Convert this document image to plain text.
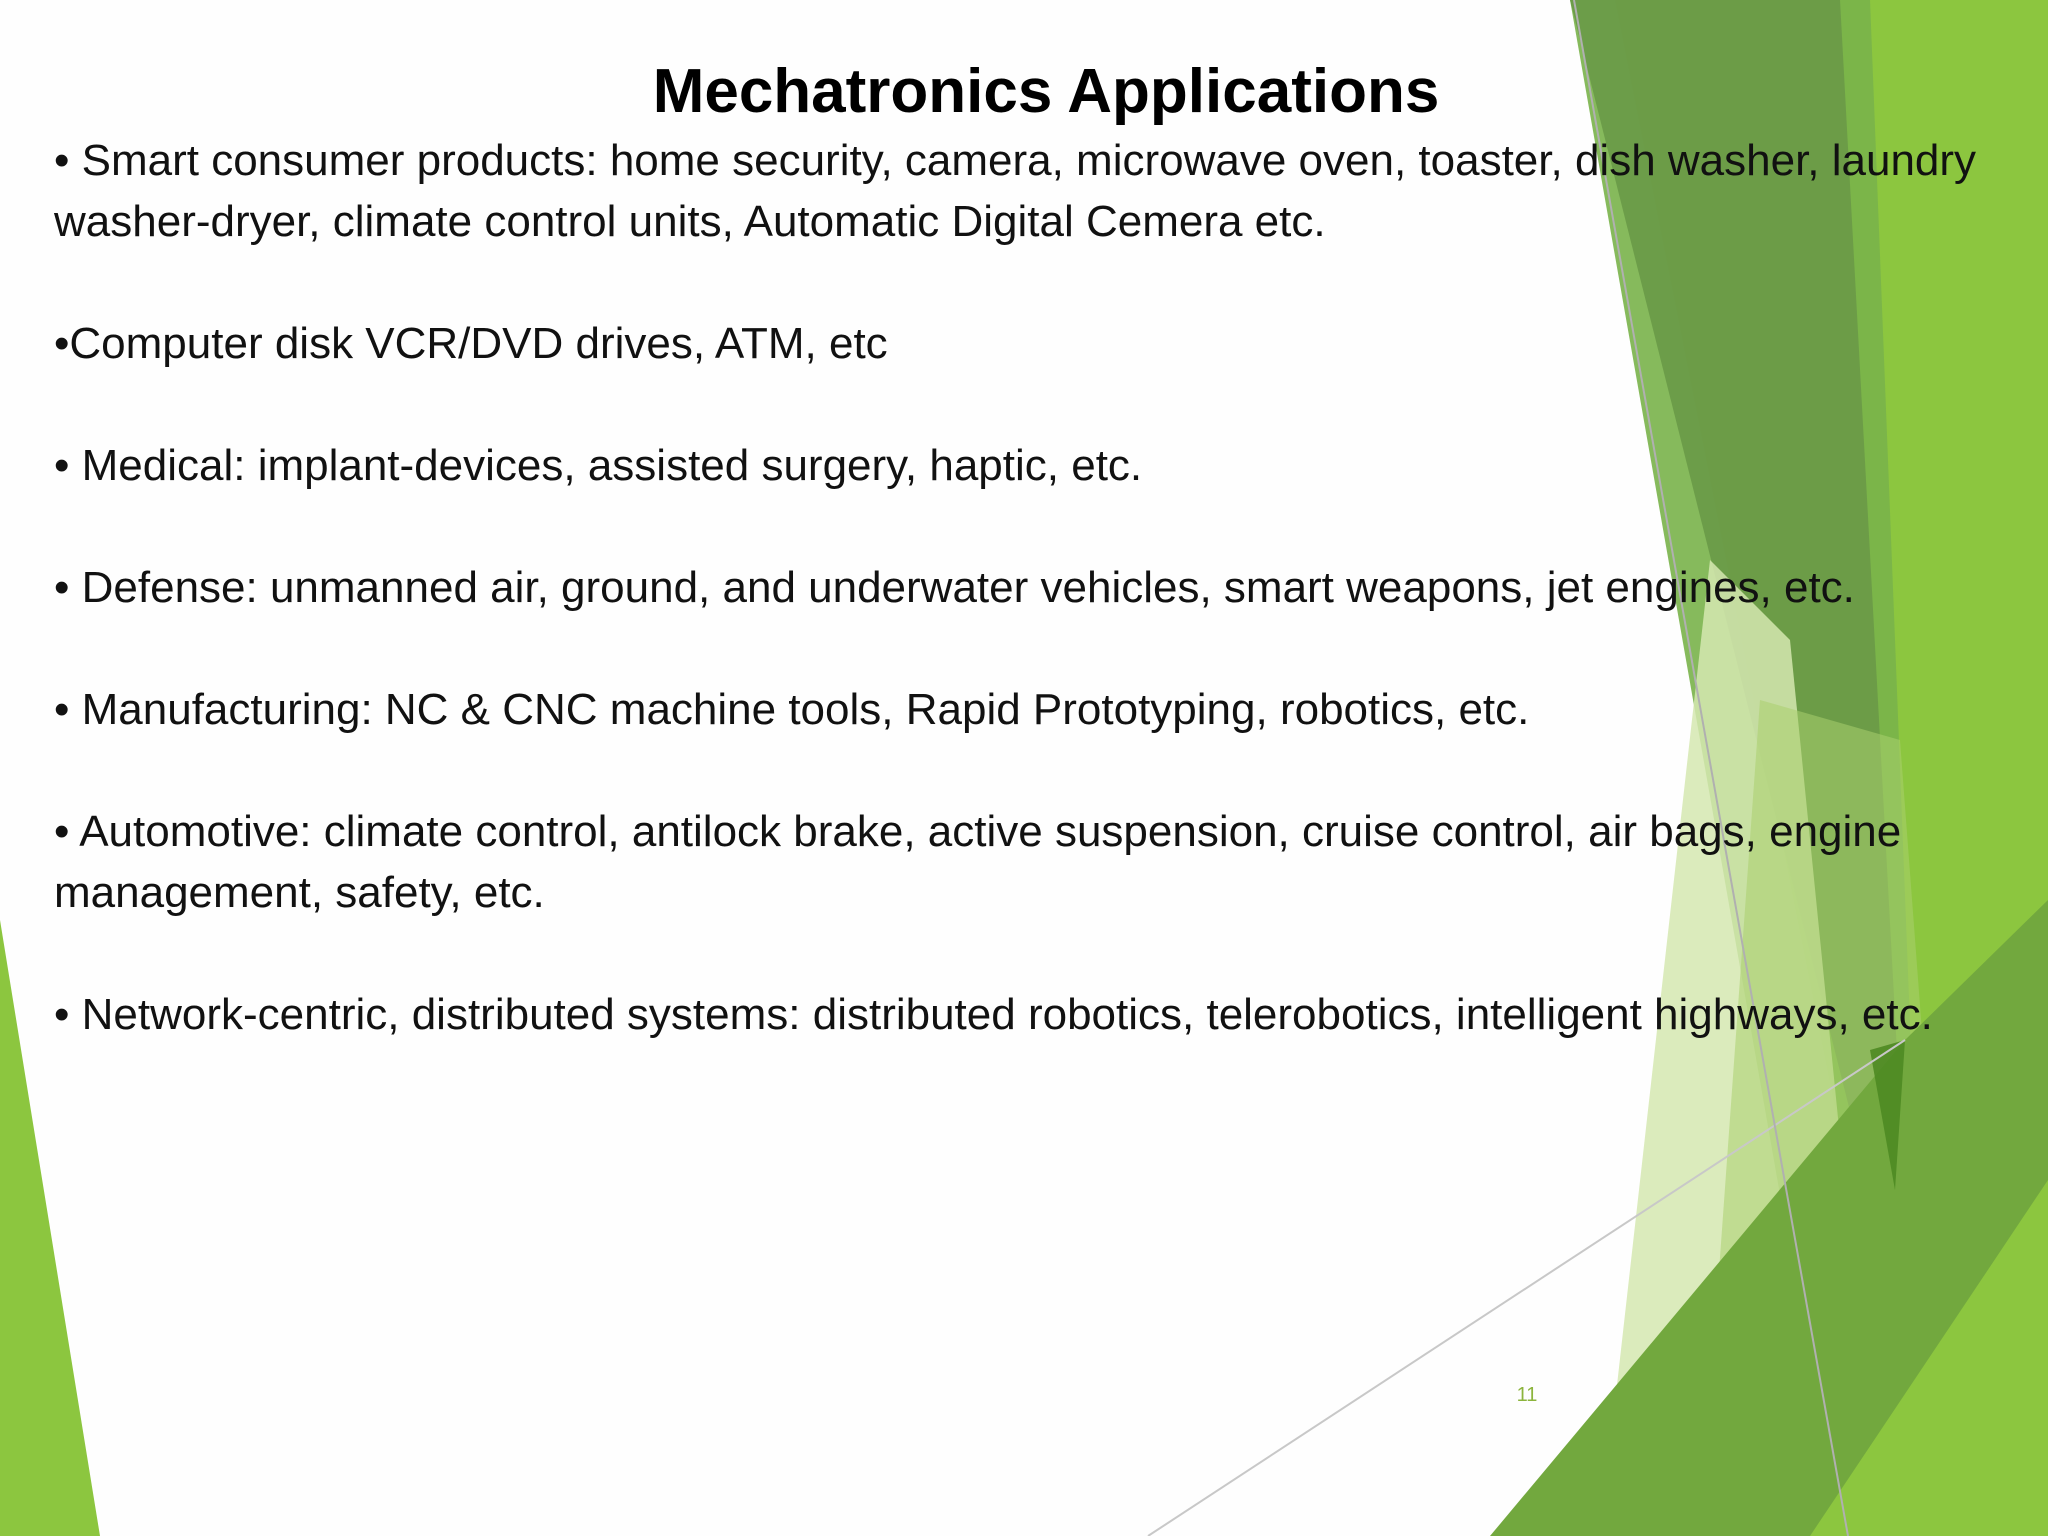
Mechatronics Applications

• Smart consumer products: home security, camera, microwave oven, toaster, dish washer, laundry washer-dryer, climate control units, Automatic Digital Cemera etc.

•Computer disk VCR/DVD drives, ATM, etc

• Medical: implant-devices, assisted surgery, haptic, etc.

• Defense: unmanned air, ground, and underwater vehicles, smart weapons, jet engines, etc.

• Manufacturing: NC & CNC machine tools, Rapid Prototyping, robotics, etc.

• Automotive: climate control, antilock brake, active suspension, cruise control, air bags, engine management, safety, etc.

• Network-centric, distributed systems: distributed robotics, telerobotics, intelligent highways, etc.

11
